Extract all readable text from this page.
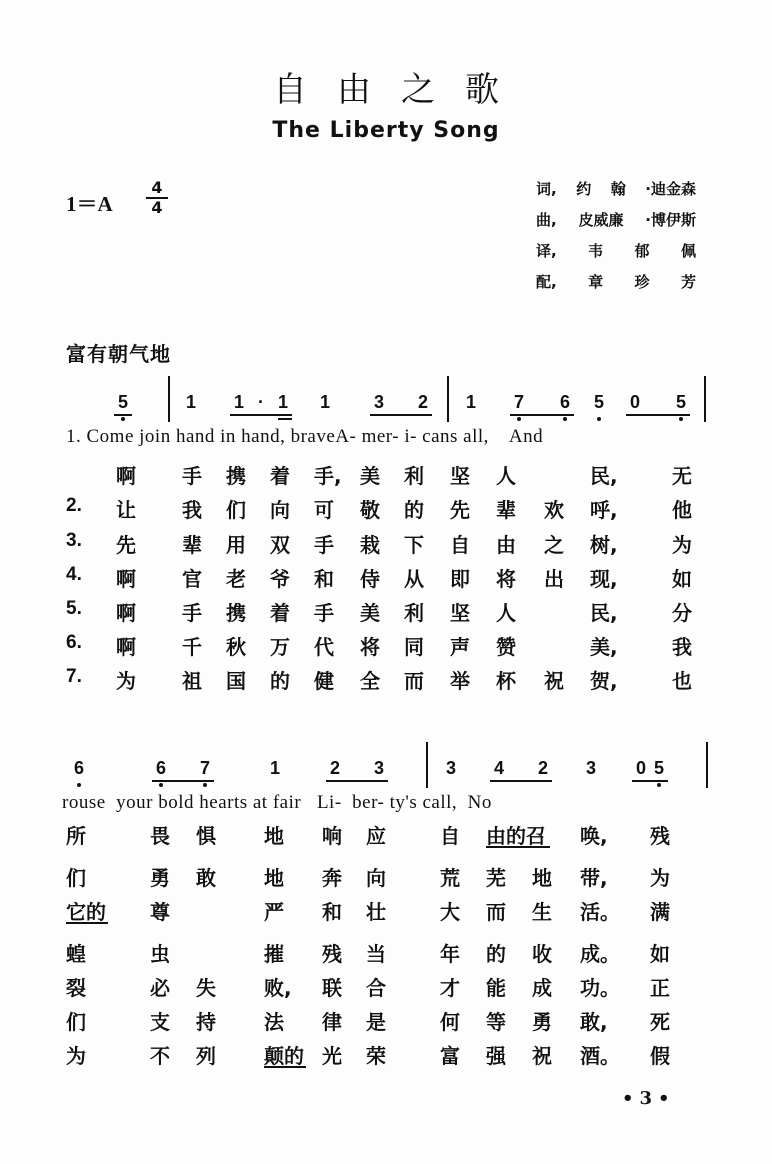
自由之歌
The Liberty Song
1＝A
4
4
词, 约 翰 ·迪金森
曲, 皮威廉 ·博伊斯
译, 韦 郁 佩
配, 章 珍 芳
富有朝气地
5	1 1 · 1 1 3 2 1 7 6 5 0 5
1. Come join hand in hand, braveA- mer- i- cans all,    And
啊 手 携 着 手, 美 利 坚 人	民,	无
2. 让 我 们 向 可 敬 的 先 辈 欢 呼,	他
3. 先 辈 用 双 手 栽 下 自 由 之 树,	为
4. 啊 官 老 爷 和 侍 从 即 将 出 现,	如
5. 啊 手 携 着 手 美 利 坚 人	民,	分
6. 啊 千 秋 万 代 将 同 声 赞	美,	我
7. 为 祖 国 的 健 全 而 举 杯 祝 贺,	也
6	6 7	1	2 3	3 4 2 3 0 5
rouse  your bold hearts at fair   Li-  ber- ty's call,  No
所	畏 惧 地 响 应	自 由的召 唤, 残
们	勇 敢 地 奔 向	荒 芜 地 带, 为
它的 尊	严 和 壮	大 而 生 活。 满
蝗	虫	摧 残 当	年 的 收 成。 如
裂	必 失 败, 联 合	才 能 成 功。 正
们	支 持 法 律 是	何 等 勇 敢, 死
为	不 列 颠的 光 荣	富 强 祝 酒。 假
•3•
